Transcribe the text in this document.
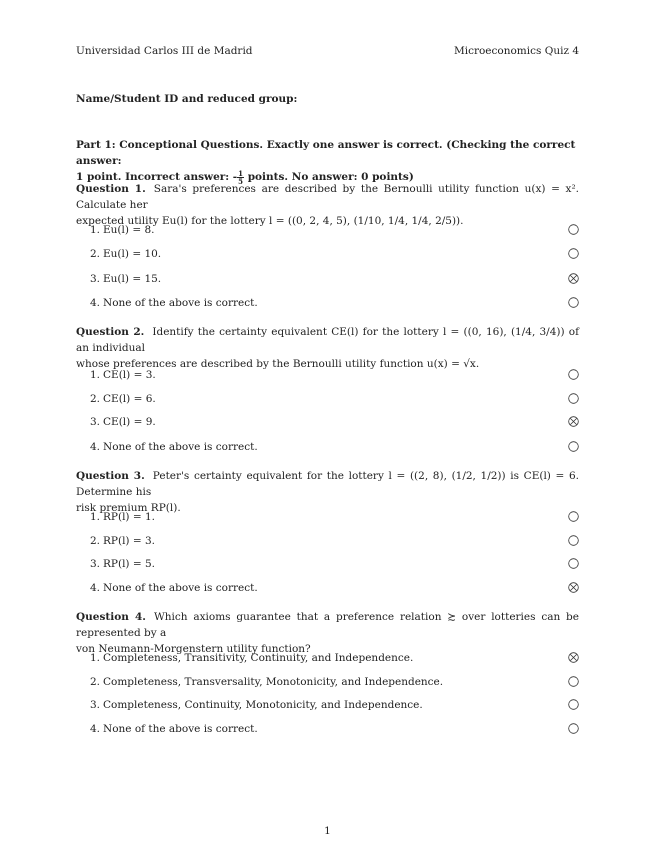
Universidad Carlos III de Madrid	Microeconomics Quiz 4
Name/Student ID and reduced group:
Part 1: Conceptional Questions. Exactly one answer is correct. (Checking the correct answer:
1 point. Incorrect answer: - $\frac{1}{5}$ points. No answer: 0 points)
Question 1. Sara's preferences are described by the Bernoulli utility function u(x) = x². Calculate her
expected utility Eu(l) for the lottery l = ((0, 2, 4, 5), (1/10, 1/4, 1/4, 2/5)).
1. Eu(l) = 8.
2. Eu(l) = 10.
3. Eu(l) = 15.
4. None of the above is correct.
Question 2. Identify the certainty equivalent CE(l) for the lottery l = ((0, 16), (1/4, 3/4)) of an individual
whose preferences are described by the Bernoulli utility function u(x) = √x.
1. CE(l) = 3.
2. CE(l) = 6.
3. CE(l) = 9.
4. None of the above is correct.
Question 3. Peter's certainty equivalent for the lottery l = ((2, 8), (1/2, 1/2)) is CE(l) = 6. Determine his
risk premium RP(l).
1. RP(l) = 1.
2. RP(l) = 3.
3. RP(l) = 5.
4. None of the above is correct.
Question 4. Which axioms guarantee that a preference relation ≿ over lotteries can be represented by a
von Neumann-Morgenstern utility function?
1. Completeness, Transitivity, Continuity, and Independence.
2. Completeness, Transversality, Monotonicity, and Independence.
3. Completeness, Continuity, Monotonicity, and Independence.
4. None of the above is correct.
1
